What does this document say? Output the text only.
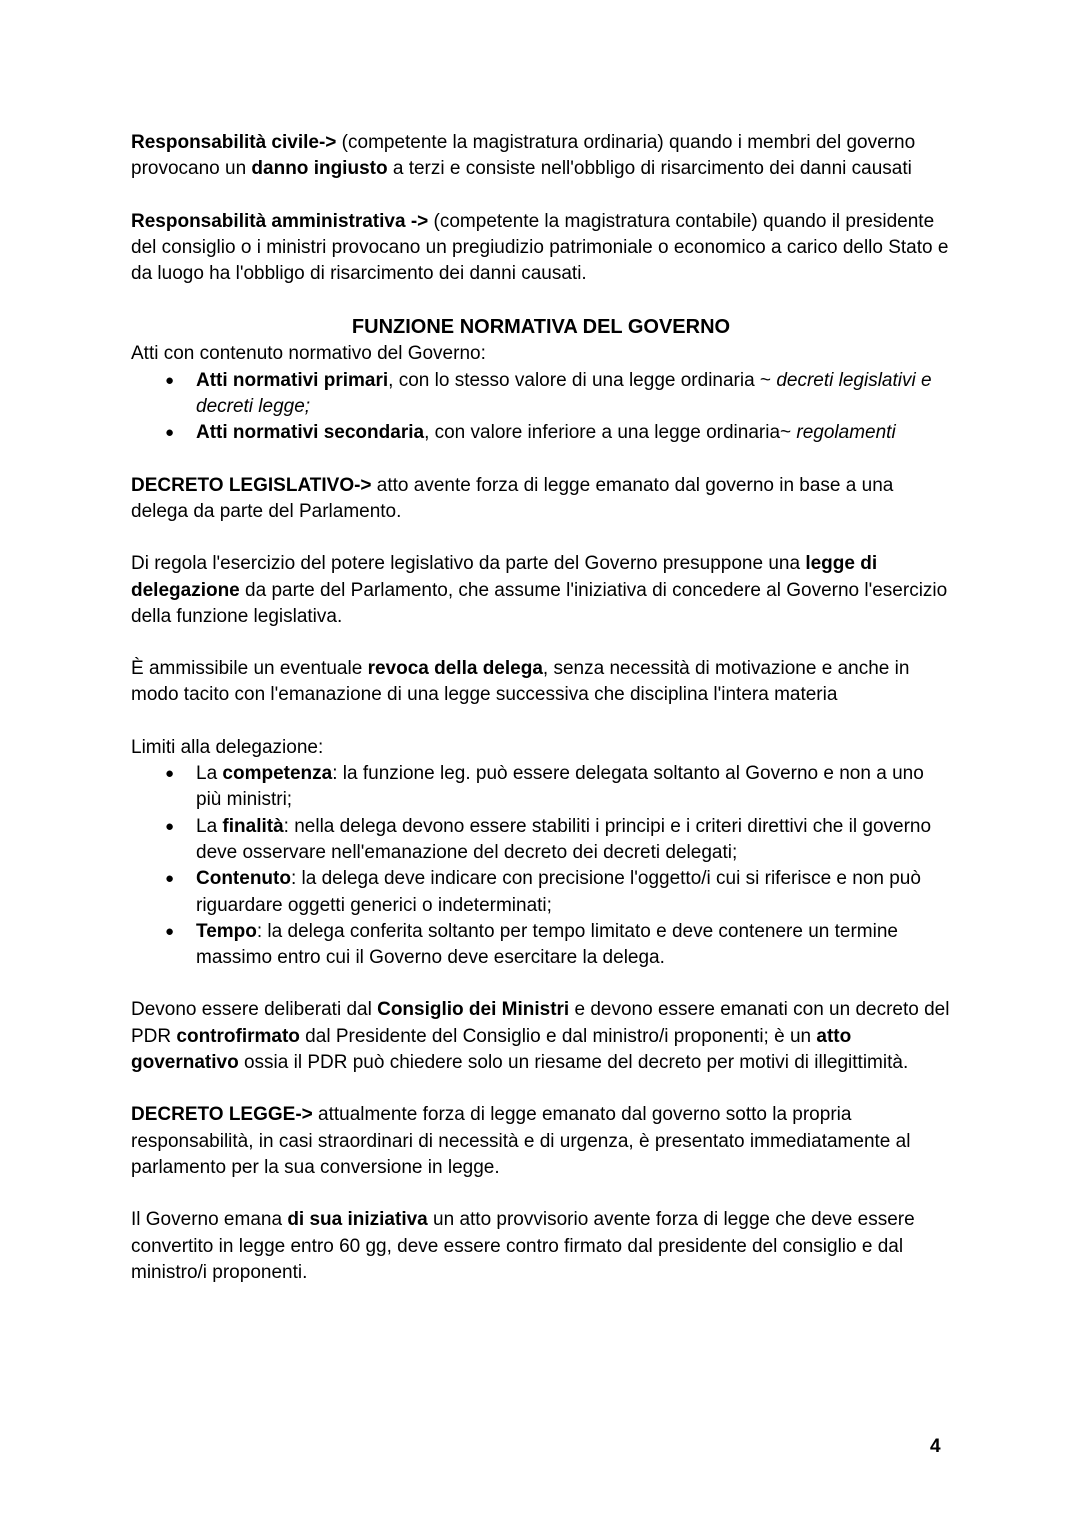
Responsabilità civile-> (competente la magistratura ordinaria) quando i membri del governo provocano un danno ingiusto a terzi e consiste nell'obbligo di risarcimento dei danni causati

Responsabilità amministrativa -> (competente la magistratura contabile) quando il presidente del consiglio o i ministri provocano un pregiudizio patrimoniale o economico a carico dello Stato e da luogo ha l'obbligo di risarcimento dei danni causati.

FUNZIONE NORMATIVA DEL GOVERNO

Atti con contenuto normativo del Governo:

● Atti normativi primari, con lo stesso valore di una legge ordinaria ~ decreti legislativi e decreti legge;
● Atti normativi secondaria, con valore inferiore a una legge ordinaria~ regolamenti

DECRETO LEGISLATIVO-> atto avente forza di legge emanato dal governo in base a una delega da parte del Parlamento.

Di regola l'esercizio del potere legislativo da parte del Governo presuppone una legge di delegazione da parte del Parlamento, che assume l'iniziativa di concedere al Governo l'esercizio della funzione legislativa.

È ammissibile un eventuale revoca della delega, senza necessità di motivazione e anche in modo tacito con l'emanazione di una legge successiva che disciplina l'intera materia

Limiti alla delegazione:

● La competenza: la funzione leg. può essere delegata soltanto al Governo e non a uno più ministri;
● La finalità: nella delega devono essere stabiliti i principi e i criteri direttivi che il governo deve osservare nell'emanazione del decreto dei decreti delegati;
● Contenuto: la delega deve indicare con precisione l'oggetto/i cui si riferisce e non può riguardare oggetti generici o indeterminati;
● Tempo: la delega conferita soltanto per tempo limitato e deve contenere un termine massimo entro cui il Governo deve esercitare la delega.

Devono essere deliberati dal Consiglio dei Ministri e devono essere emanati con un decreto del PDR controfirmato dal Presidente del Consiglio e dal ministro/i proponenti; è un atto governativo ossia il PDR può chiedere solo un riesame del decreto per motivi di illegittimità.

DECRETO LEGGE-> attualmente forza di legge emanato dal governo sotto la propria responsabilità, in casi straordinari di necessità e di urgenza, è presentato immediatamente al parlamento per la sua conversione in legge.

Il Governo emana di sua iniziativa un atto provvisorio avente forza di legge che deve essere convertito in legge entro 60 gg, deve essere contro firmato dal presidente del consiglio e dal ministro/i proponenti.

4
